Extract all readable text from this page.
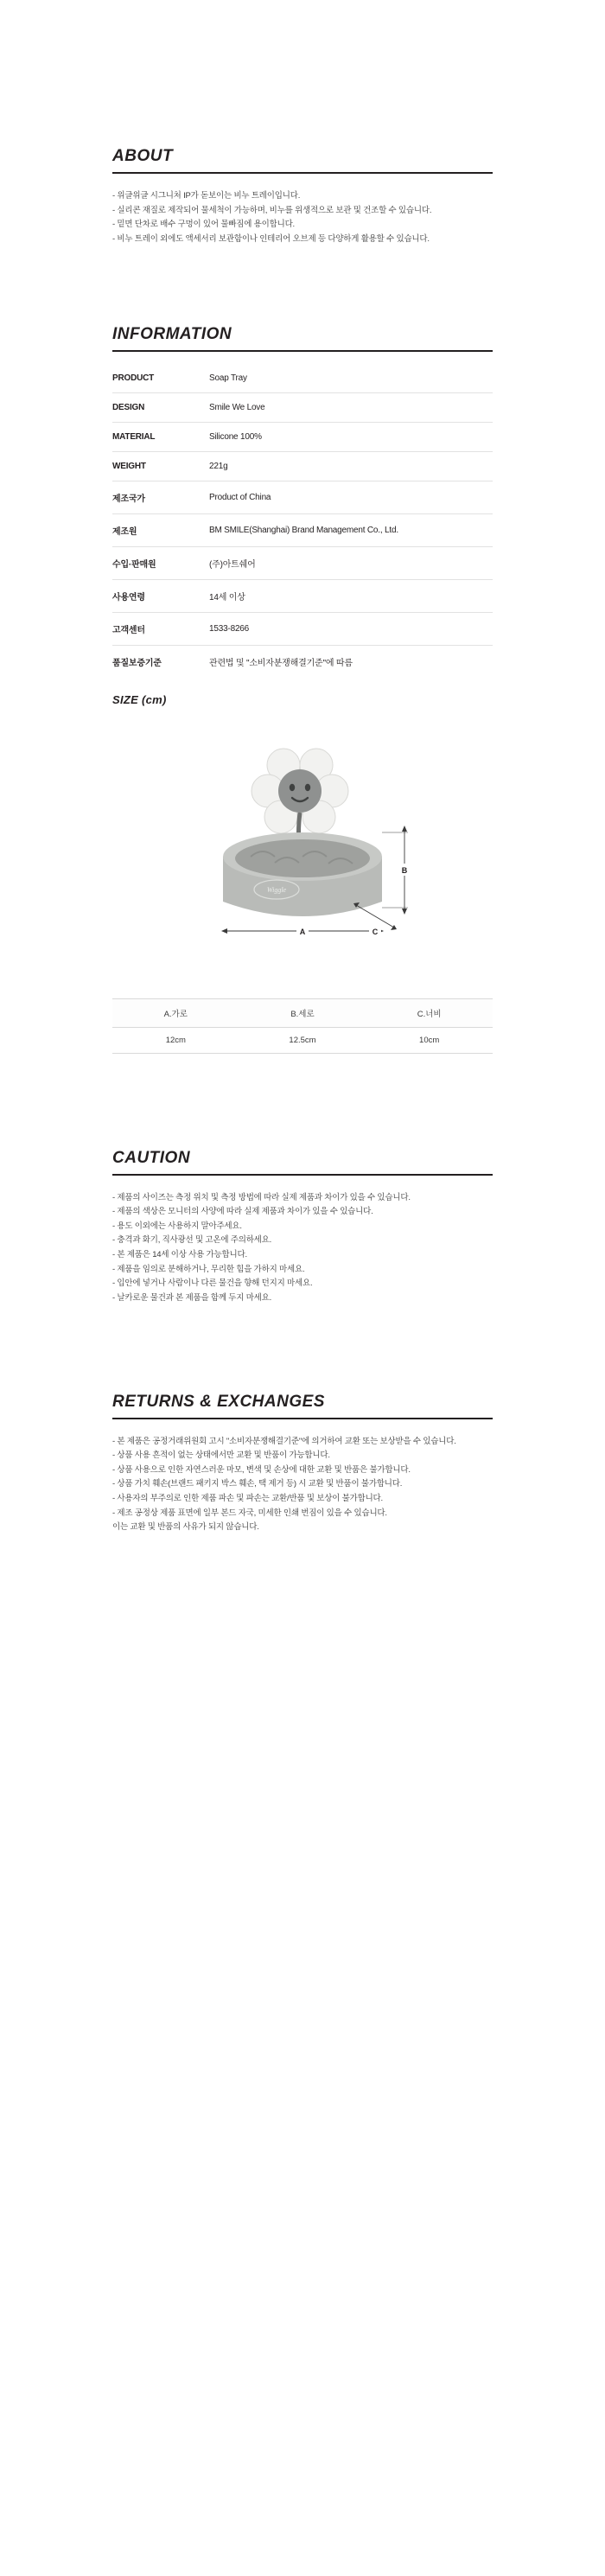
ABOUT
- 위글위글 시그니처 IP가 돋보이는 비누 트레이입니다.
- 실리콘 재질로 제작되어 물세척이 가능하며, 비누를 위생적으로 보관 및 건조할 수 있습니다.
- 밑면 단차로 배수 구멍이 있어 물빠짐에 용이합니다.
- 비누 트레이 외에도 액세서리 보관함이나 인테리어 오브제 등 다양하게 활용할 수 있습니다.
INFORMATION
PRODUCT	Soap Tray
DESIGN	Smile We Love
MATERIAL	Silicone 100%
WEIGHT	221g
제조국가	Product of China
제조원	BM SMILE(Shanghai) Brand Management Co., Ltd.
수입·판매원	(주)아트쉐어
사용연령	14세 이상
고객센터	1533-8266
품질보증기준	관련법 및 "소비자분쟁해결기준"에 따름
SIZE (cm)
Wiggle
B
A	C
A.가로	B.세로	C.너비
12cm	12.5cm	10cm
CAUTION
- 제품의 사이즈는 측정 위치 및 측정 방법에 따라 실제 제품과 차이가 있을 수 있습니다.
- 제품의 색상은 모니터의 사양에 따라 실제 제품과 차이가 있을 수 있습니다.
- 용도 이외에는 사용하지 말아주세요.
- 충격과 화기, 직사광선 및 고온에 주의하세요.
- 본 제품은 14세 이상 사용 가능합니다.
- 제품을 임의로 분해하거나, 무리한 힘을 가하지 마세요.
- 입안에 넣거나 사람이나 다른 물건을 향해 던지지 마세요.
- 날카로운 물건과 본 제품을 함께 두지 마세요.
RETURNS & EXCHANGES
- 본 제품은 공정거래위원회 고시 "소비자분쟁해결기준"에 의거하여 교환 또는 보상받을 수 있습니다.
- 상품 사용 흔적이 없는 상태에서만 교환 및 반품이 가능합니다.
- 상품 사용으로 인한 자연스러운 마모, 변색 및 손상에 대한 교환 및 반품은 불가합니다.
- 상품 가치 훼손(브랜드 패키지 박스 훼손, 택 제거 등) 시 교환 및 반품이 불가합니다.
- 사용자의 부주의로 인한 제품 파손 및 파손는 교환/반품 및 보상이 불가합니다.
- 제조 공정상 제품 표면에 일부 본드 자국, 미세한 인쇄 번짐이 있을 수 있습니다.
이는 교환 및 반품의 사유가 되지 않습니다.
